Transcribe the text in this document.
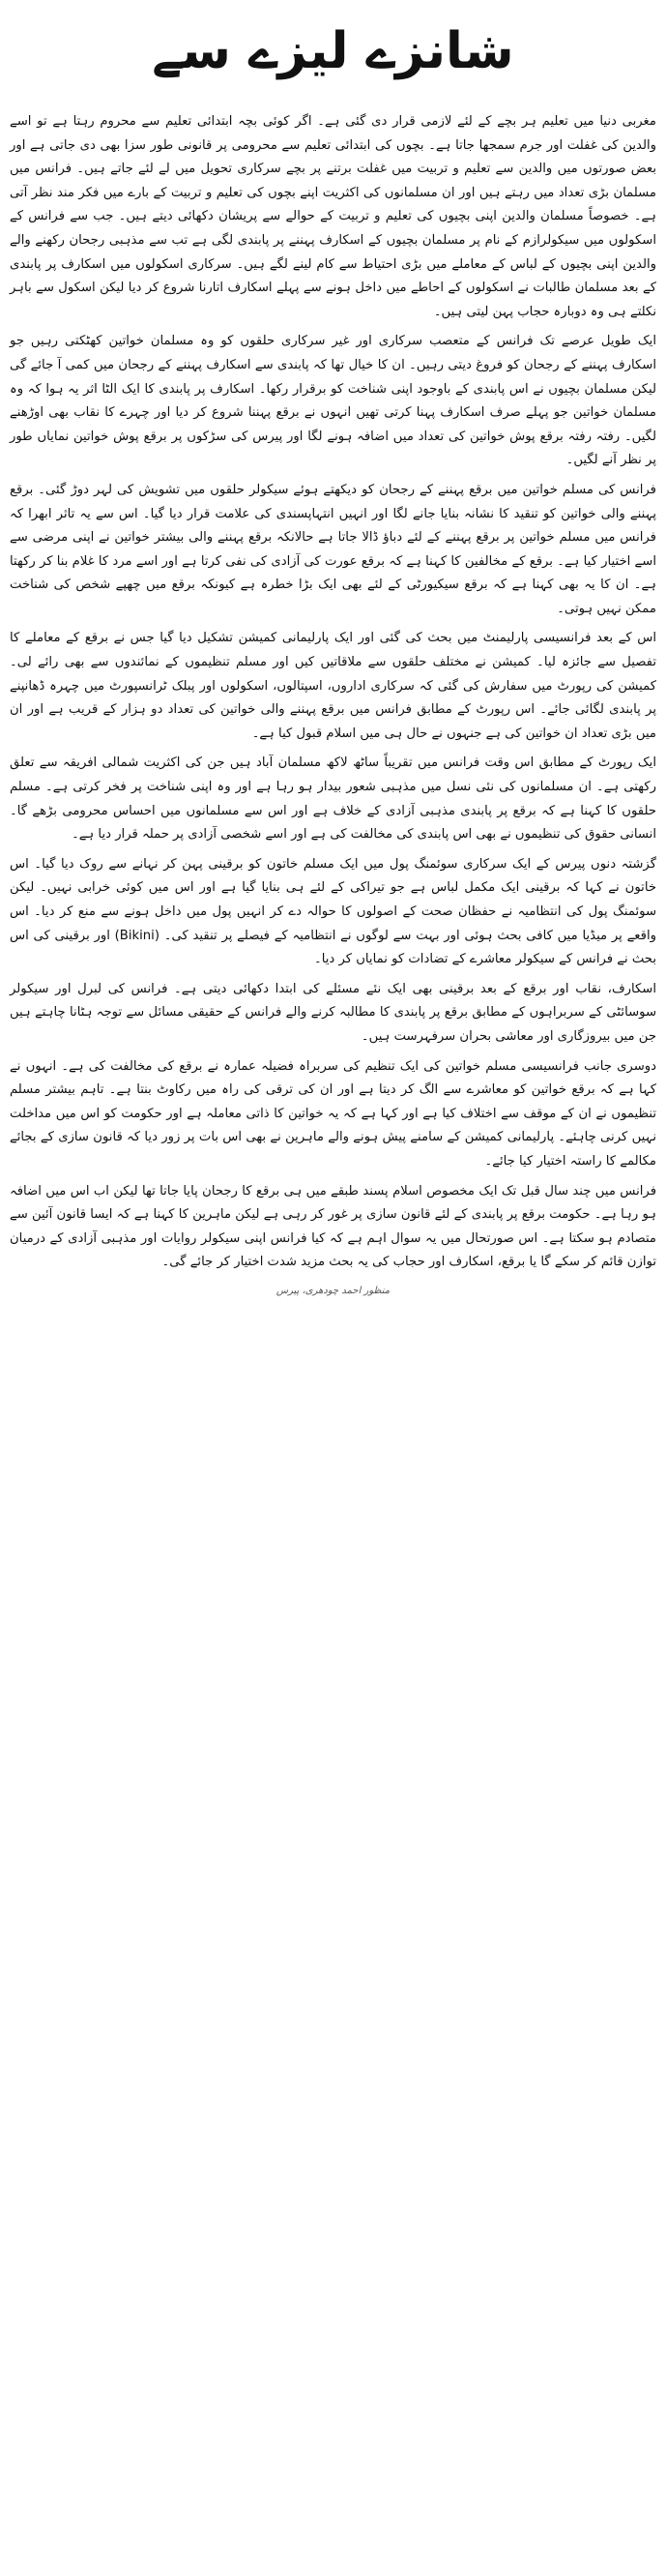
شانزے لیزے سے

مغربی دنیا میں تعلیم ہر بچے کے لئے لازمی قرار دی گئی ہے۔ اگر کوئی بچہ ابتدائی تعلیم سے محروم رہتا ہے تو اسے والدین کی غفلت اور جرم سمجھا جاتا ہے۔ بچوں کی ابتدائی تعلیم سے محرومی پر قانونی طور سزا بھی دی جاتی ہے اور بعض صورتوں میں والدین سے تعلیم و تربیت میں غفلت برتنے پر بچے سرکاری تحویل میں لے لئے جاتے ہیں۔ فرانس میں مسلمان بڑی تعداد میں رہتے ہیں اور ان مسلمانوں کی اکثریت اپنے بچوں کی تعلیم و تربیت کے بارے میں فکر مند نظر آتی ہے۔ خصوصاً مسلمان والدین اپنی بچیوں کی تعلیم و تربیت کے حوالے سے پریشان دکھائی دیتے ہیں۔ جب سے فرانس کے اسکولوں میں سیکولرازم کے نام پر مسلمان بچیوں کے اسکارف پہننے پر پابندی لگی ہے تب سے مذہبی رجحان رکھنے والے والدین اپنی بچیوں کے لباس کے معاملے میں بڑی احتیاط سے کام لینے لگے ہیں۔ سرکاری اسکولوں میں اسکارف پر پابندی کے بعد مسلمان طالبات نے اسکولوں کے احاطے میں داخل ہونے سے پہلے اسکارف اتارنا شروع کر دیا لیکن اسکول سے باہر نکلتے ہی وہ دوبارہ حجاب پہن لیتی ہیں۔

ایک طویل عرصے تک فرانس کے متعصب سرکاری اور غیر سرکاری حلقوں کو وہ مسلمان خواتین کھٹکتی رہیں جو اسکارف پہننے کے رجحان کو فروغ دیتی رہیں۔ ان کا خیال تھا کہ پابندی سے اسکارف پہننے کے رجحان میں کمی آ جائے گی لیکن مسلمان بچیوں نے اس پابندی کے باوجود اپنی شناخت کو برقرار رکھا۔ اسکارف پر پابندی کا ایک الٹا اثر یہ ہوا کہ وہ مسلمان خواتین جو پہلے صرف اسکارف پہنا کرتی تھیں انہوں نے برقع پہننا شروع کر دیا اور چہرے کا نقاب بھی اوڑھنے لگیں۔ رفتہ رفتہ برقع پوش خواتین کی تعداد میں اضافہ ہونے لگا اور پیرس کی سڑکوں پر برقع پوش خواتین نمایاں طور پر نظر آنے لگیں۔

فرانس کی مسلم خواتین میں برقع پہننے کے رجحان کو دیکھتے ہوئے سیکولر حلقوں میں تشویش کی لہر دوڑ گئی۔ برقع پہننے والی خواتین کو تنقید کا نشانہ بنایا جانے لگا اور انہیں انتہاپسندی کی علامت قرار دیا گیا۔ اس سے یہ تاثر ابھرا کہ فرانس میں مسلم خواتین پر برقع پہننے کے لئے دباؤ ڈالا جاتا ہے حالانکہ برقع پہننے والی بیشتر خواتین نے اپنی مرضی سے اسے اختیار کیا ہے۔ برقع کے مخالفین کا کہنا ہے کہ برقع عورت کی آزادی کی نفی کرتا ہے اور اسے مرد کا غلام بنا کر رکھتا ہے۔ ان کا یہ بھی کہنا ہے کہ برقع سیکیورٹی کے لئے بھی ایک بڑا خطرہ ہے کیونکہ برقع میں چھپے شخص کی شناخت ممکن نہیں ہوتی۔

اس کے بعد فرانسیسی پارلیمنٹ میں بحث کی گئی اور ایک پارلیمانی کمیشن تشکیل دیا گیا جس نے برقع کے معاملے کا تفصیل سے جائزہ لیا۔ کمیشن نے مختلف حلقوں سے ملاقاتیں کیں اور مسلم تنظیموں کے نمائندوں سے بھی رائے لی۔ کمیشن کی رپورٹ میں سفارش کی گئی کہ سرکاری اداروں، اسپتالوں، اسکولوں اور پبلک ٹرانسپورٹ میں چہرہ ڈھانپنے پر پابندی لگائی جائے۔ اس رپورٹ کے مطابق فرانس میں برقع پہننے والی خواتین کی تعداد دو ہزار کے قریب ہے اور ان میں بڑی تعداد ان خواتین کی ہے جنہوں نے حال ہی میں اسلام قبول کیا ہے۔

ایک رپورٹ کے مطابق اس وقت فرانس میں تقریباً ساٹھ لاکھ مسلمان آباد ہیں جن کی اکثریت شمالی افریقہ سے تعلق رکھتی ہے۔ ان مسلمانوں کی نئی نسل میں مذہبی شعور بیدار ہو رہا ہے اور وہ اپنی شناخت پر فخر کرتی ہے۔ مسلم حلقوں کا کہنا ہے کہ برقع پر پابندی مذہبی آزادی کے خلاف ہے اور اس سے مسلمانوں میں احساس محرومی بڑھے گا۔ انسانی حقوق کی تنظیموں نے بھی اس پابندی کی مخالفت کی ہے اور اسے شخصی آزادی پر حملہ قرار دیا ہے۔

گزشتہ دنوں پیرس کے ایک سرکاری سوئمنگ پول میں ایک مسلم خاتون کو برقینی پہن کر نہانے سے روک دیا گیا۔ اس خاتون نے کہا کہ برقینی ایک مکمل لباس ہے جو تیراکی کے لئے ہی بنایا گیا ہے اور اس میں کوئی خرابی نہیں۔ لیکن سوئمنگ پول کی انتظامیہ نے حفظان صحت کے اصولوں کا حوالہ دے کر انہیں پول میں داخل ہونے سے منع کر دیا۔ اس واقعے پر میڈیا میں کافی بحث ہوئی اور بہت سے لوگوں نے انتظامیہ کے فیصلے پر تنقید کی۔ (Bikini) اور برقینی کی اس بحث نے فرانس کے سیکولر معاشرے کے تضادات کو نمایاں کر دیا۔

اسکارف، نقاب اور برقع کے بعد برقینی بھی ایک نئے مسئلے کی ابتدا دکھائی دیتی ہے۔ فرانس کی لبرل اور سیکولر سوسائٹی کے سربراہوں کے مطابق برقع پر پابندی کا مطالبہ کرنے والے فرانس کے حقیقی مسائل سے توجہ ہٹانا چاہتے ہیں جن میں بیروزگاری اور معاشی بحران سرفہرست ہیں۔

دوسری جانب فرانسیسی مسلم خواتین کی ایک تنظیم کی سربراہ فضیلہ عمارہ نے برقع کی مخالفت کی ہے۔ انہوں نے کہا ہے کہ برقع خواتین کو معاشرے سے الگ کر دیتا ہے اور ان کی ترقی کی راہ میں رکاوٹ بنتا ہے۔ تاہم بیشتر مسلم تنظیموں نے ان کے موقف سے اختلاف کیا ہے اور کہا ہے کہ یہ خواتین کا ذاتی معاملہ ہے اور حکومت کو اس میں مداخلت نہیں کرنی چاہئے۔ پارلیمانی کمیشن کے سامنے پیش ہونے والے ماہرین نے بھی اس بات پر زور دیا کہ قانون سازی کے بجائے مکالمے کا راستہ اختیار کیا جائے۔

فرانس میں چند سال قبل تک ایک مخصوص اسلام پسند طبقے میں ہی برقع کا رجحان پایا جاتا تھا لیکن اب اس میں اضافہ ہو رہا ہے۔ حکومت برقع پر پابندی کے لئے قانون سازی پر غور کر رہی ہے لیکن ماہرین کا کہنا ہے کہ ایسا قانون آئین سے متصادم ہو سکتا ہے۔ اس صورتحال میں یہ سوال اہم ہے کہ کیا فرانس اپنی سیکولر روایات اور مذہبی آزادی کے درمیان توازن قائم کر سکے گا یا برقع، اسکارف اور حجاب کی یہ بحث مزید شدت اختیار کر جائے گی۔

منظور احمد چودھری، پیرس
